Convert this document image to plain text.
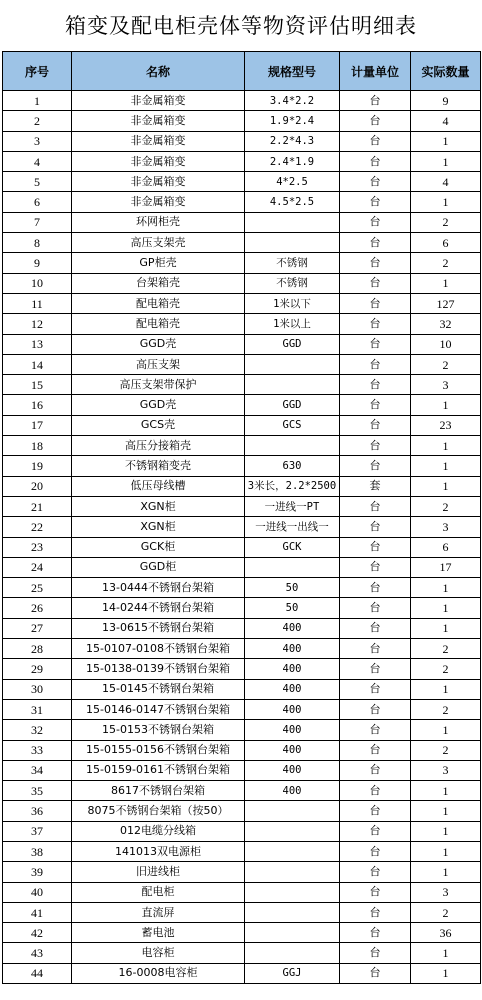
箱变及配电柜壳体等物资评估明细表
序号	名称	规格型号	计量单位	实际数量
1	非金属箱变	3.4*2.2	台	9
2	非金属箱变	1.9*2.4	台	4
3	非金属箱变	2.2*4.3	台	1
4	非金属箱变	2.4*1.9	台	1
5	非金属箱变	4*2.5	台	4
6	非金属箱变	4.5*2.5	台	1
7	环网柜壳		台	2
8	高压支架壳		台	6
9	GP柜壳	不锈钢	台	2
10	台架箱壳	不锈钢	台	1
11	配电箱壳	1米以下	台	127
12	配电箱壳	1米以上	台	32
13	GGD壳	GGD	台	10
14	高压支架		台	2
15	高压支架带保护		台	3
16	GGD壳	GGD	台	1
17	GCS壳	GCS	台	23
18	高压分接箱壳		台	1
19	不锈钢箱变壳	630	台	1
20	低压母线槽	3米长，2.2*2500	套	1
21	XGN柜	一进线一PT	台	2
22	XGN柜	一进线一出线一	台	3
23	GCK柜	GCK	台	6
24	GGD柜		台	17
25	13-0444不锈钢台架箱	50	台	1
26	14-0244不锈钢台架箱	50	台	1
27	13-0615不锈钢台架箱	400	台	1
28	15-0107-0108不锈钢台架箱	400	台	2
29	15-0138-0139不锈钢台架箱	400	台	2
30	15-0145不锈钢台架箱	400	台	1
31	15-0146-0147不锈钢台架箱	400	台	2
32	15-0153不锈钢台架箱	400	台	1
33	15-0155-0156不锈钢台架箱	400	台	2
34	15-0159-0161不锈钢台架箱	400	台	3
35	8617不锈钢台架箱	400	台	1
36	8075不锈钢台架箱（按50）		台	1
37	012电缆分线箱		台	1
38	141013双电源柜		台	1
39	旧进线柜		台	1
40	配电柜		台	3
41	直流屏		台	2
42	蓄电池		台	36
43	电容柜		台	1
44	16-0008电容柜	GGJ	台	1
